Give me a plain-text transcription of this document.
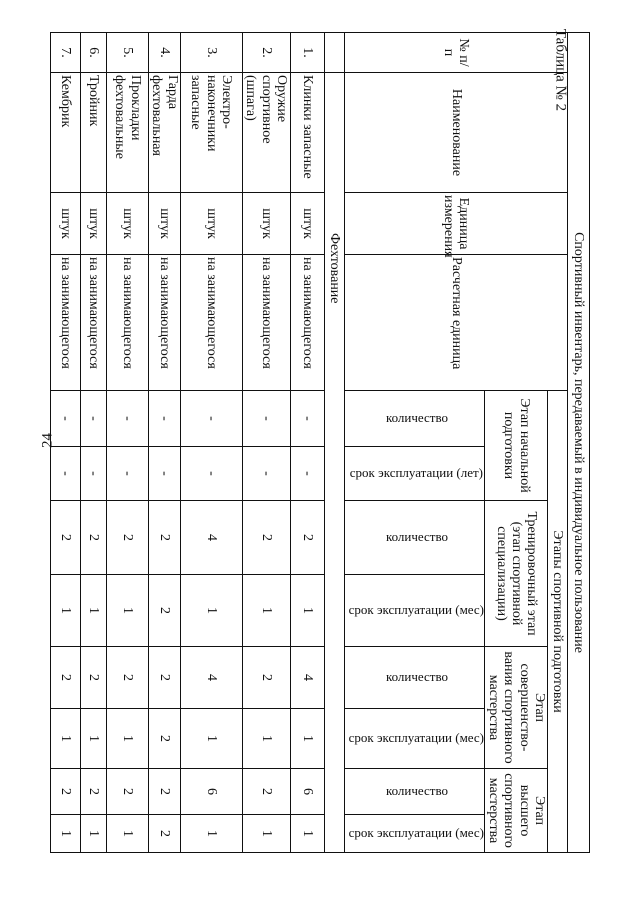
24
Таблица № 2
Спортивный инвентарь, передаваемый в индивидуальное пользование											
№ п/п	Наименование	Единица измерения	Расчетная единица	Этапы спортивной подготовки							
				Этап начальной подготовки		Тренировочный этап (этап спортивной специализации)		Этап совершенство-вания спортивного мастерства		Этап высшего спортивного мастерства	
				количество	срок эксплуатации (лет)	количество	срок эксплуатации (мес)	количество	срок эксплуатации (мес)	количество	срок эксплуатации (мес)
	Фехтование										
1.	Клинки запасные	штук	на занимающегося	-	-	2	1	4	1	6	1
2.	Оружие спортивное (шпага)	штук	на занимающегося	-	-	2	1	2	1	2	1
3.	Электро-наконечники запасные	штук	на занимающегося	-	-	4	1	4	1	6	1
4.	Гарда фехтовальная	штук	на занимающегося	-	-	2	2	2	2	2	2
5.	Прокладки фехтовальные	штук	на занимающегося	-	-	2	1	2	1	2	1
6.	Тройник	штук	на занимающегося	-	-	2	1	2	1	2	1
7.	Кембрик	штук	на занимающегося	-	-	2	1	2	1	2	1
